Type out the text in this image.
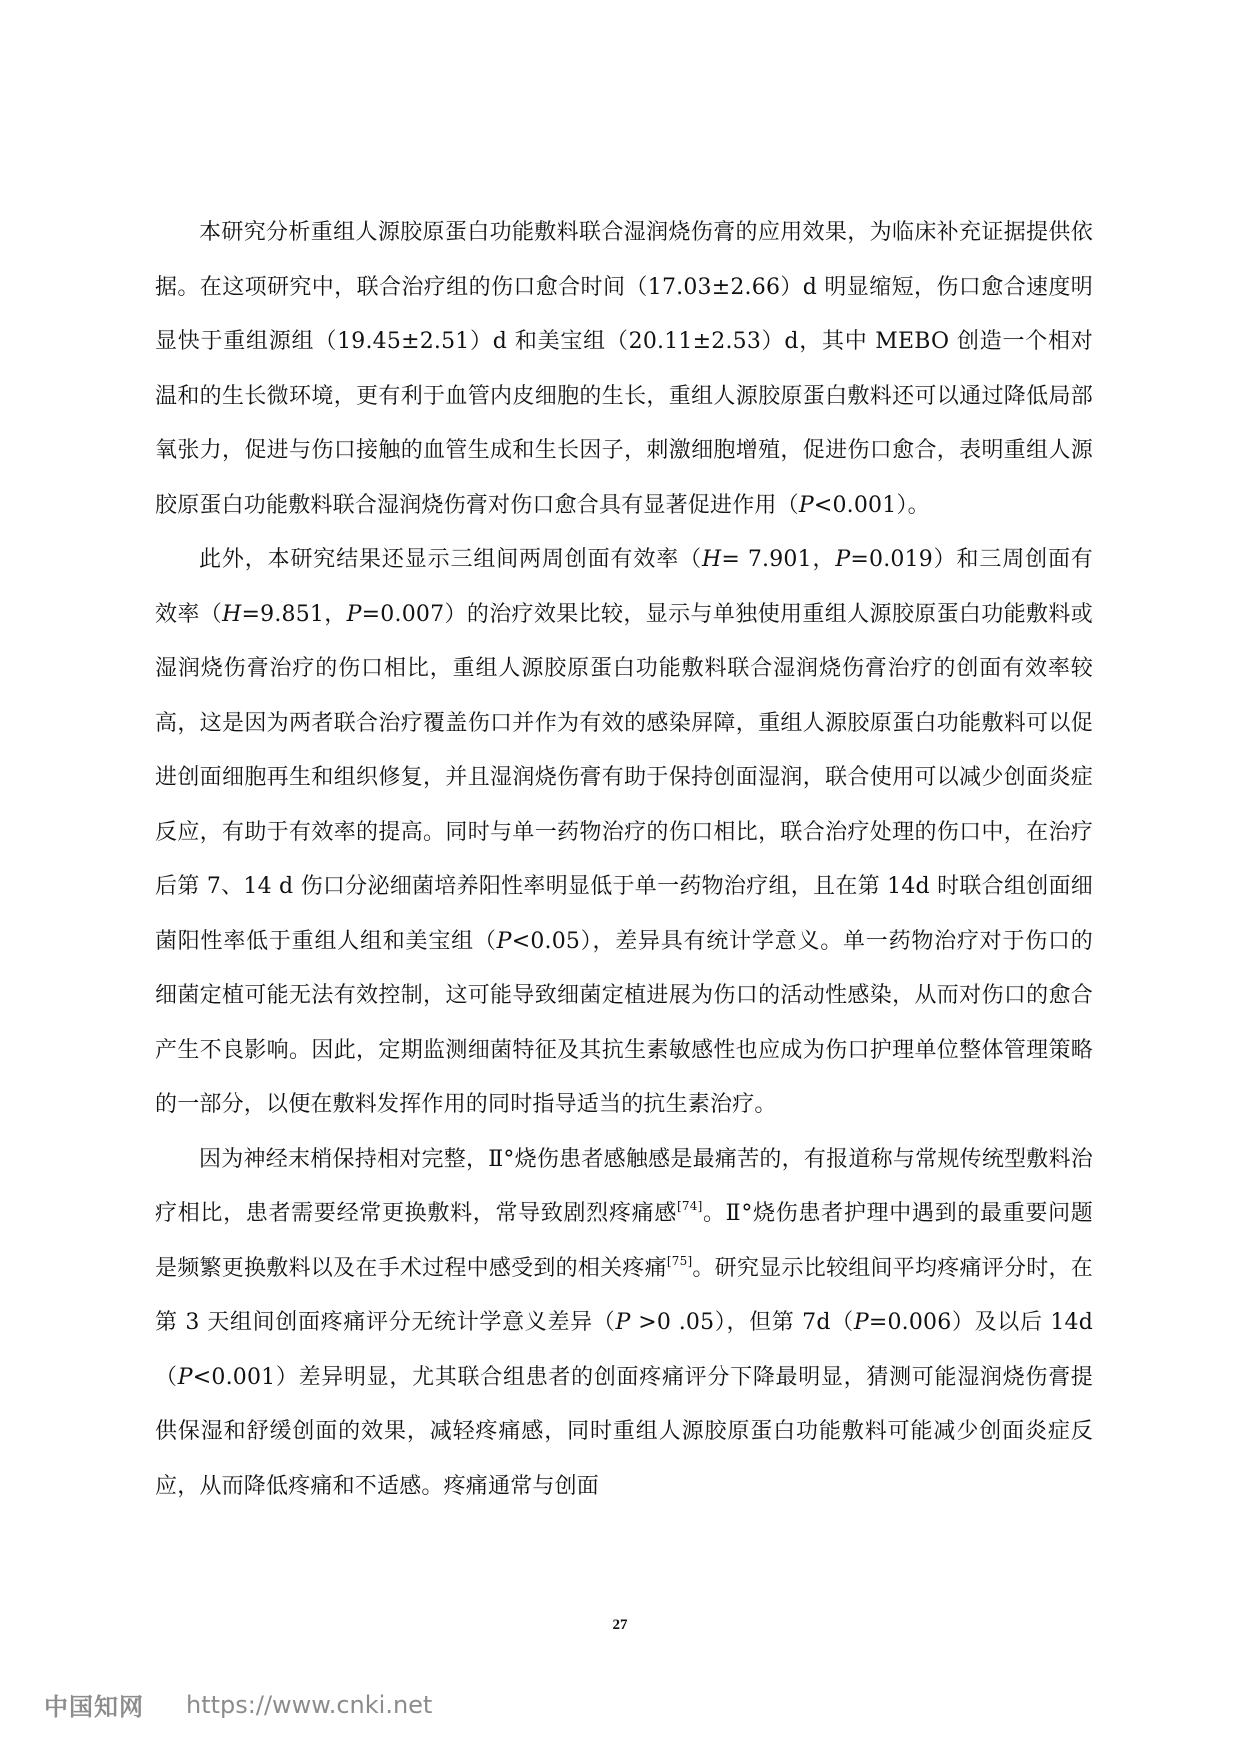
本研究分析重组人源胶原蛋白功能敷料联合湿润烧伤膏的应用效果，为临床补充证据提供依据。在这项研究中，联合治疗组的伤口愈合时间（17.03±2.66）d 明显缩短，伤口愈合速度明显快于重组源组（19.45±2.51）d 和美宝组（20.11±2.53）d，其中 MEBO 创造一个相对温和的生长微环境，更有利于血管内皮细胞的生长，重组人源胶原蛋白敷料还可以通过降低局部氧张力，促进与伤口接触的血管生成和生长因子，刺激细胞增殖，促进伤口愈合，表明重组人源胶原蛋白功能敷料联合湿润烧伤膏对伤口愈合具有显著促进作用（P<0.001）。

此外，本研究结果还显示三组间两周创面有效率（H= 7.901，P=0.019）和三周创面有效率（H=9.851，P=0.007）的治疗效果比较，显示与单独使用重组人源胶原蛋白功能敷料或湿润烧伤膏治疗的伤口相比，重组人源胶原蛋白功能敷料联合湿润烧伤膏治疗的创面有效率较高，这是因为两者联合治疗覆盖伤口并作为有效的感染屏障，重组人源胶原蛋白功能敷料可以促进创面细胞再生和组织修复，并且湿润烧伤膏有助于保持创面湿润，联合使用可以减少创面炎症反应，有助于有效率的提高。同时与单一药物治疗的伤口相比，联合治疗处理的伤口中，在治疗后第 7、14 d 伤口分泌细菌培养阳性率明显低于单一药物治疗组，且在第 14d 时联合组创面细菌阳性率低于重组人组和美宝组（P<0.05），差异具有统计学意义。单一药物治疗对于伤口的细菌定植可能无法有效控制，这可能导致细菌定植进展为伤口的活动性感染，从而对伤口的愈合产生不良影响。因此，定期监测细菌特征及其抗生素敏感性也应成为伤口护理单位整体管理策略的一部分，以便在敷料发挥作用的同时指导适当的抗生素治疗。

因为神经末梢保持相对完整，Ⅱ°烧伤患者感触感是最痛苦的，有报道称与常规传统型敷料治疗相比，患者需要经常更换敷料，常导致剧烈疼痛感[74]。Ⅱ°烧伤患者护理中遇到的最重要问题是频繁更换敷料以及在手术过程中感受到的相关疼痛[75]。研究显示比较组间平均疼痛评分时，在第 3 天组间创面疼痛评分无统计学意义差异（P >0 .05），但第 7d（P=0.006）及以后 14d（P<0.001）差异明显，尤其联合组患者的创面疼痛评分下降最明显，猜测可能湿润烧伤膏提供保湿和舒缓创面的效果，减轻疼痛感，同时重组人源胶原蛋白功能敷料可能减少创面炎症反应，从而降低疼痛和不适感。疼痛通常与创面

27
中国知网 https://www.cnki.net
